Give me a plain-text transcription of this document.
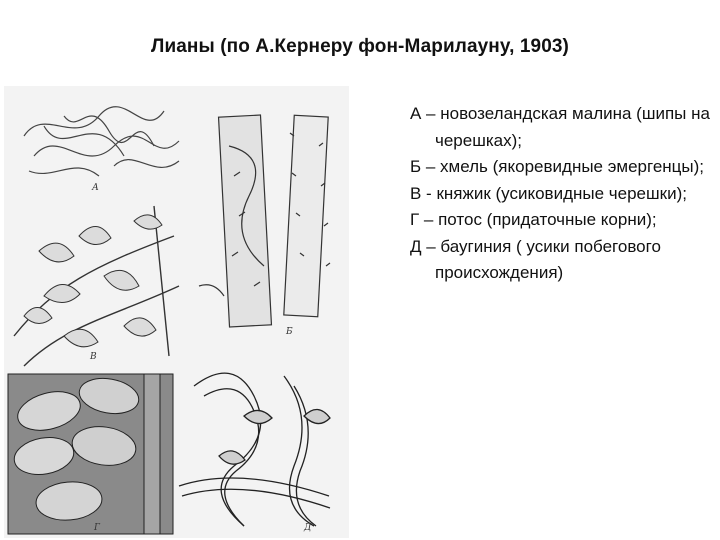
Лианы (по А.Кернеру фон-Марилауну, 1903)
А
В
Б
Г	Д
А – новозеландская малина (шипы на черешках);
Б – хмель (якоревидные эмергенцы);
В - княжик (усиковидные черешки);
Г – потос (придаточные корни);
Д – баугиния ( усики побегового происхождения)
